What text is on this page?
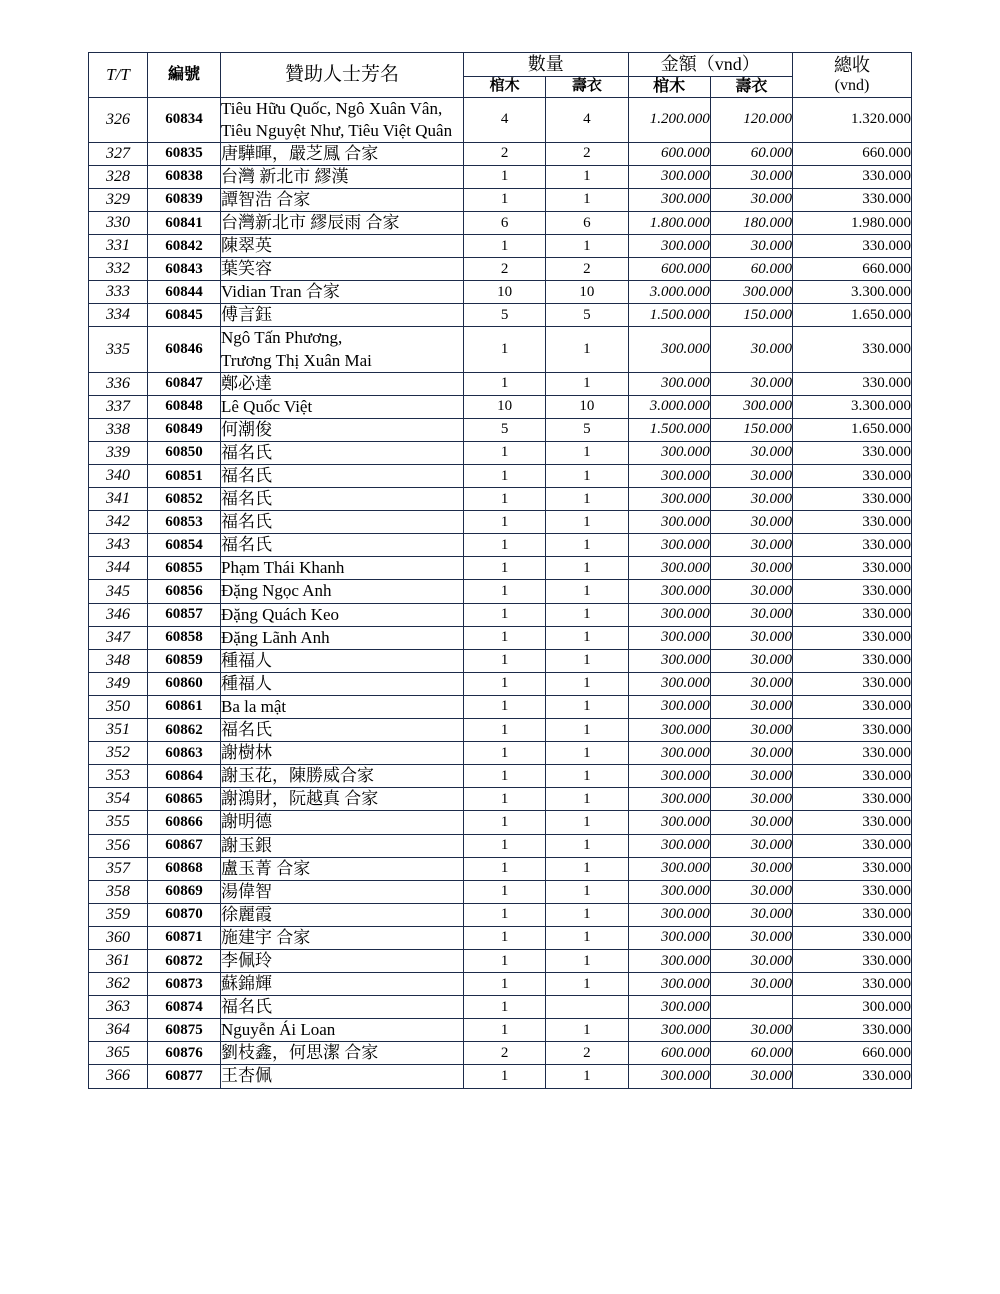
T/T	編號	贊助人士芳名	數量		金額（vnd）		總收
(vnd)

			棺木	壽衣	棺木	壽衣	
326	60834	Tiêu Hữu Quốc, Ngô Xuân Vân, Tiêu Nguyệt Như, Tiêu Việt Quân	4	4	1.200.000	120.000	1.320.000
327	60835	唐驊暉，嚴芝鳳 合家	2	2	600.000	60.000	660.000
328	60838	台灣 新北市 繆漢	1	1	300.000	30.000	330.000
329	60839	譚智浩 合家	1	1	300.000	30.000	330.000
330	60841	台灣新北市 繆辰雨 合家	6	6	1.800.000	180.000	1.980.000
331	60842	陳翠英	1	1	300.000	30.000	330.000
332	60843	葉笑容	2	2	600.000	60.000	660.000
333	60844	Vidian Tran 合家	10	10	3.000.000	300.000	3.300.000
334	60845	傅言鈺	5	5	1.500.000	150.000	1.650.000
335	60846	Ngô Tấn Phương,
Trương Thị Xuân Mai	1	1	300.000	30.000	330.000
336	60847	鄭必達	1	1	300.000	30.000	330.000
337	60848	Lê Quốc Việt	10	10	3.000.000	300.000	3.300.000
338	60849	何潮俊	5	5	1.500.000	150.000	1.650.000
339	60850	福名氏	1	1	300.000	30.000	330.000
340	60851	福名氏	1	1	300.000	30.000	330.000
341	60852	福名氏	1	1	300.000	30.000	330.000
342	60853	福名氏	1	1	300.000	30.000	330.000
343	60854	福名氏	1	1	300.000	30.000	330.000
344	60855	Phạm Thái Khanh	1	1	300.000	30.000	330.000
345	60856	Đặng Ngọc Anh	1	1	300.000	30.000	330.000
346	60857	Đặng Quách Keo	1	1	300.000	30.000	330.000
347	60858	Đặng Lãnh Anh	1	1	300.000	30.000	330.000
348	60859	種福人	1	1	300.000	30.000	330.000
349	60860	種福人	1	1	300.000	30.000	330.000
350	60861	Ba la mật	1	1	300.000	30.000	330.000
351	60862	福名氏	1	1	300.000	30.000	330.000
352	60863	謝樹林	1	1	300.000	30.000	330.000
353	60864	謝玉花，陳勝威合家	1	1	300.000	30.000	330.000
354	60865	謝鴻財，阮越真 合家	1	1	300.000	30.000	330.000
355	60866	謝明德	1	1	300.000	30.000	330.000
356	60867	謝玉銀	1	1	300.000	30.000	330.000
357	60868	盧玉菁 合家	1	1	300.000	30.000	330.000
358	60869	湯偉智	1	1	300.000	30.000	330.000
359	60870	徐麗霞	1	1	300.000	30.000	330.000
360	60871	施建宇 合家	1	1	300.000	30.000	330.000
361	60872	李佩玲	1	1	300.000	30.000	330.000
362	60873	蘇錦輝	1	1	300.000	30.000	330.000
363	60874	福名氏	1		300.000		300.000
364	60875	Nguyễn Ái Loan	1	1	300.000	30.000	330.000
365	60876	劉枝鑫，何思潔 合家	2	2	600.000	60.000	660.000
366	60877	王杏佩	1	1	300.000	30.000	330.000
